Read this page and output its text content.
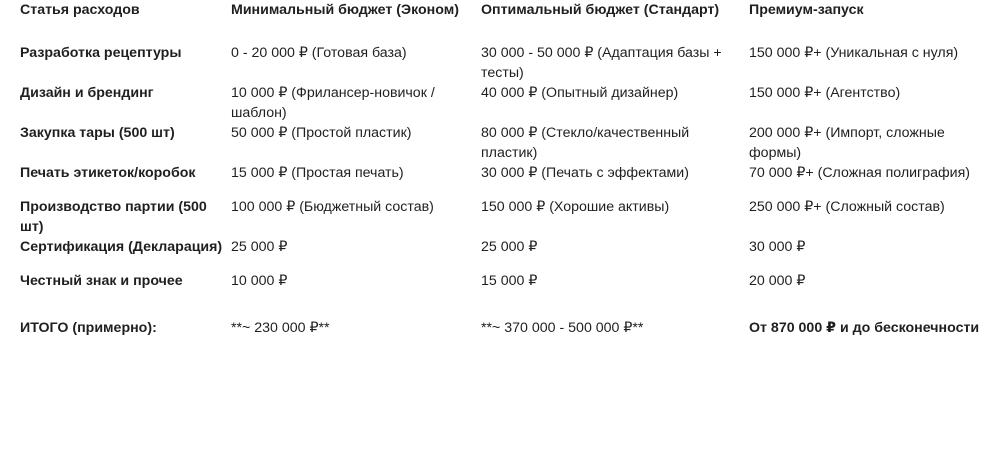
Статья расходов	Минимальный бюджет (Эконом)	Оптимальный бюджет (Стандарт)	Премиум-запуск
Разработка рецептуры	0 - 20 000 ₽ (Готовая база)	30 000 - 50 000 ₽ (Адаптация базы + тесты)	150 000 ₽+ (Уникальная с нуля)
Дизайн и брендинг	10 000 ₽ (Фрилансер-новичок / шаблон)	40 000 ₽ (Опытный дизайнер)	150 000 ₽+ (Агентство)
Закупка тары (500 шт)	50 000 ₽ (Простой пластик)	80 000 ₽ (Стекло/качественный пластик)	200 000 ₽+ (Импорт, сложные формы)
Печать этикеток/коробок	15 000 ₽ (Простая печать)	30 000 ₽ (Печать с эффектами)	70 000 ₽+ (Сложная полиграфия)
Производство партии (500 шт)	100 000 ₽ (Бюджетный состав)	150 000 ₽ (Хорошие активы)	250 000 ₽+ (Сложный состав)
Сертификация (Декларация)	25 000 ₽	25 000 ₽	30 000 ₽
Честный знак и прочее	10 000 ₽	15 000 ₽	20 000 ₽
ИТОГО (примерно):	**~ 230 000 ₽**	**~ 370 000 - 500 000 ₽**	От 870 000 ₽ и до бесконечности
